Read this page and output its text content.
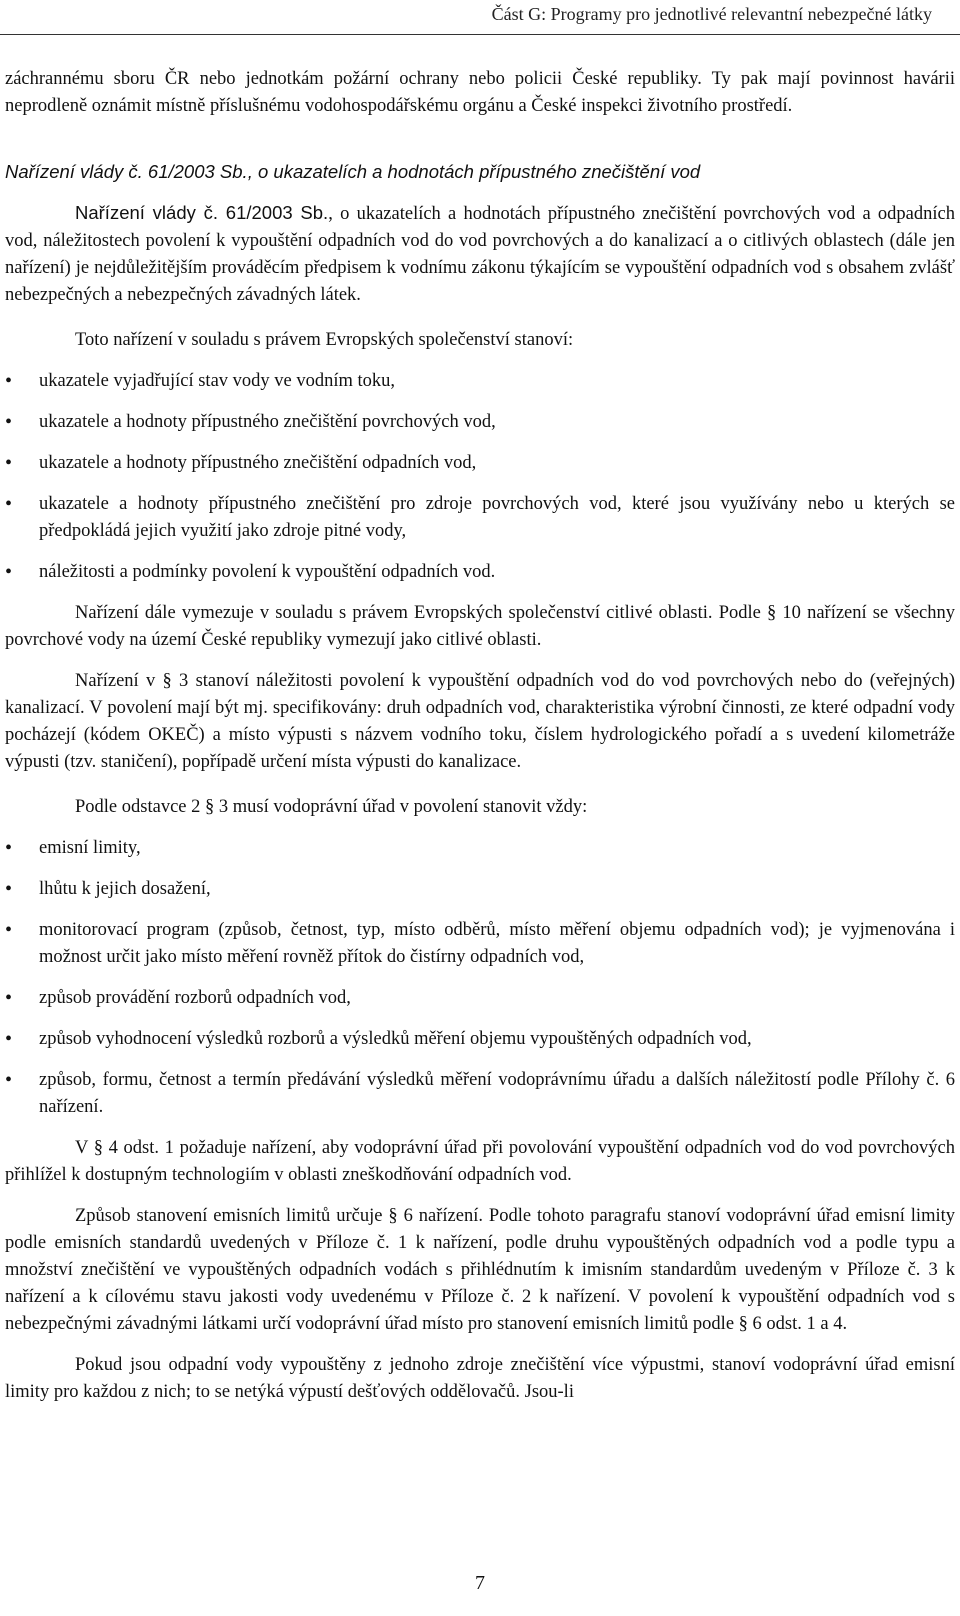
Část G: Programy pro jednotlivé relevantní nebezpečné látky

záchrannému sboru ČR nebo jednotkám požární ochrany nebo policii České republiky. Ty pak mají povinnost havárii neprodleně oznámit místně příslušnému vodohospodářskému orgánu a České inspekci životního prostředí.

Nařízení vlády č. 61/2003 Sb., o ukazatelích a hodnotách přípustného znečištění vod

Nařízení vlády č. 61/2003 Sb., o ukazatelích a hodnotách přípustného znečištění povrchových vod a odpadních vod, náležitostech povolení k vypouštění odpadních vod do vod povrchových a do kanalizací a o citlivých oblastech (dále jen nařízení) je nejdůležitějším prováděcím předpisem k vodnímu zákonu týkajícím se vypouštění odpadních vod s obsahem zvlášť nebezpečných a nebezpečných závadných látek.

Toto nařízení v souladu s právem Evropských společenství stanoví:

• ukazatele vyjadřující stav vody ve vodním toku,
• ukazatele a hodnoty přípustného znečištění povrchových vod,
• ukazatele a hodnoty přípustného znečištění odpadních vod,
• ukazatele a hodnoty přípustného znečištění pro zdroje povrchových vod, které jsou využívány nebo u kterých se předpokládá jejich využití jako zdroje pitné vody,
• náležitosti a podmínky povolení k vypouštění odpadních vod.

Nařízení dále vymezuje v souladu s právem Evropských společenství citlivé oblasti. Podle § 10 nařízení se všechny povrchové vody na území České republiky vymezují jako citlivé oblasti.

Nařízení v § 3 stanoví náležitosti povolení k vypouštění odpadních vod do vod povrchových nebo do (veřejných) kanalizací. V povolení mají být mj. specifikovány: druh odpadních vod, charakteristika výrobní činnosti, ze které odpadní vody pocházejí (kódem OKEČ) a místo výpusti s názvem vodního toku, číslem hydrologického pořadí a s uvedení kilometráže výpusti (tzv. staničení), popřípadě určení místa výpusti do kanalizace.

Podle odstavce 2 § 3 musí vodoprávní úřad v povolení stanovit vždy:

• emisní limity,
• lhůtu k jejich dosažení,
• monitorovací program (způsob, četnost, typ, místo odběrů, místo měření objemu odpadních vod); je vyjmenována i možnost určit jako místo měření rovněž přítok do čistírny odpadních vod,
• způsob provádění rozborů odpadních vod,
• způsob vyhodnocení výsledků rozborů a výsledků měření objemu vypouštěných odpadních vod,
• způsob, formu, četnost a termín předávání výsledků měření vodoprávnímu úřadu a dalších náležitostí podle Přílohy č. 6 nařízení.

V § 4 odst. 1 požaduje nařízení, aby vodoprávní úřad při povolování vypouštění odpadních vod do vod povrchových přihlížel k dostupným technologiím v oblasti zneškodňování odpadních vod.

Způsob stanovení emisních limitů určuje § 6 nařízení. Podle tohoto paragrafu stanoví vodoprávní úřad emisní limity podle emisních standardů uvedených v Příloze č. 1 k nařízení, podle druhu vypouštěných odpadních vod a podle typu a množství znečištění ve vypouštěných odpadních vodách s přihlédnutím k imisním standardům uvedeným v Příloze č. 3 k nařízení a k cílovému stavu jakosti vody uvedenému v Příloze č. 2 k nařízení. V povolení k vypouštění odpadních vod s nebezpečnými závadnými látkami určí vodoprávní úřad místo pro stanovení emisních limitů podle § 6 odst. 1 a 4.

Pokud jsou odpadní vody vypouštěny z jednoho zdroje znečištění více výpustmi, stanoví vodoprávní úřad emisní limity pro každou z nich; to se netýká výpustí dešťových oddělovačů. Jsou-li

7
